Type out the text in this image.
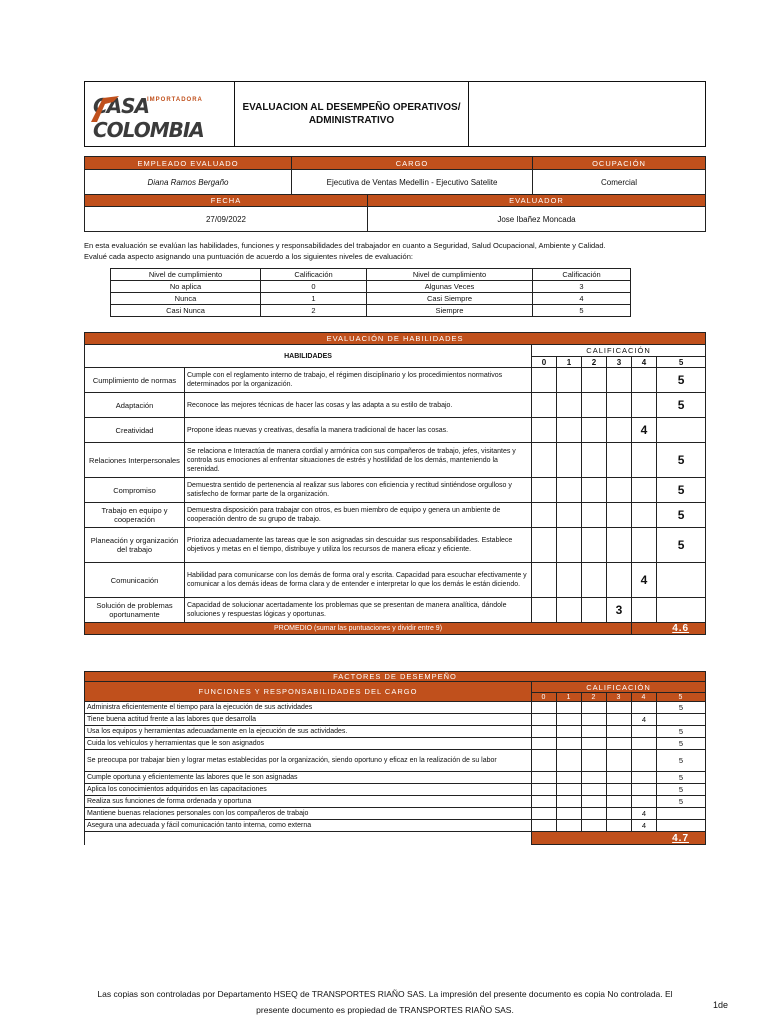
IMPORTADORA
CASA COLOMBIA

EVALUACION AL DESEMPEÑO OPERATIVOS/ ADMINISTRATIVO

EMPLEADO EVALUADO	CARGO		OCUPACIÓN
Diana Ramos Bergaño	Ejecutiva de Ventas Medellin - Ejecutivo Satelite		Comercial
FECHA		EVALUADOR	
27/09/2022		Jose Ibañez Moncada	
En esta evaluación se evalúan las habilidades, funciones y responsabilidades del trabajador en cuanto a Seguridad, Salud Ocupacional, Ambiente y Calidad.
Evalué cada aspecto asignando una puntuación de acuerdo a los siguientes niveles de evaluación:
Nivel de cumplimiento	Calificación	Nivel de cumplimiento	Calificación
No aplica	0	Algunas Veces	3
Nunca	1	Casi Siempre	4
Casi Nunca	2	Siempre	5
EVALUACIÓN DE HABILIDADES							
HABILIDADES		CALIFICACIÓN					
		0	1	2	3	4	5
Cumplimiento de normas	Cumple con el reglamento interno de trabajo, el régimen disciplinario y los procedimientos normativos determinados por la organización.						5
Adaptación	Reconoce las mejores técnicas de hacer las cosas y las adapta a su estilo de trabajo.						5
Creatividad	Propone ideas nuevas y creativas, desafía la manera tradicional de hacer las cosas.					4	
Relaciones Interpersonales	Se relaciona e Interactúa de manera cordial y armónica con sus compañeros de trabajo, jefes, visitantes y controla sus emociones al enfrentar situaciones de estrés y hostilidad de los demás, manteniendo la serenidad.						5
Compromiso	Demuestra sentido de pertenencia al realizar sus labores con eficiencia y rectitud sintiéndose orgulloso y satisfecho de formar parte de la organización.						5
Trabajo en equipo y cooperación	Demuestra disposición para trabajar con otros, es buen miembro de equipo y genera un ambiente de cooperación dentro de su grupo de trabajo.						5
Planeación y organización del trabajo	Prioriza adecuadamente las tareas que le son asignadas sin descuidar sus responsabilidades. Establece objetivos y metas en el tiempo, distribuye y utiliza los recursos de manera eficaz y eficiente.						5
Comunicación	Habilidad para comunicarse con los demás de forma oral y escrita. Capacidad para escuchar efectivamente y comunicar a los demás ideas de forma clara y de entender e interpretar lo que los demás le están diciendo.					4	
Solución de problemas oportunamente	Capacidad de solucionar acertadamente los problemas que se presentan de manera analítica, dándole soluciones y respuestas lógicas y oportunas.				3		
PROMEDIO (sumar las puntuaciones y dividir entre 9)						4.6	
FACTORES DE DESEMPEÑO						
FUNCIONES Y RESPONSABILIDADES DEL CARGO	CALIFICACIÓN					
	0	1	2	3	4	5
Administra eficientemente el tiempo para la ejecución de sus actividades						5
Tiene buena actitud frente a las labores que desarrolla					4	
Usa los equipos y herramientas adecuadamente en la ejecución de sus actividades.						5
Cuida los vehículos y herramientas que le son asignados						5
Se preocupa por trabajar bien y lograr metas establecidas por la organización, siendo oportuno y eficaz en la realización de su labor						5
Cumple oportuna y eficientemente las labores que le son asignadas						5
Aplica los conocimientos adquiridos en las capacitaciones						5
Realiza sus funciones de forma ordenada y oportuna						5
Mantiene buenas relaciones personales con los compañeros de trabajo					4	
Asegura una adecuada y fácil comunicación tanto interna, como externa					4	
	4.7					
Las copias son controladas por Departamento HSEQ de TRANSPORTES RIAÑO SAS. La impresión del presente documento es copia No controlada. El
presente documento es propiedad de TRANSPORTES RIAÑO SAS.	1de
